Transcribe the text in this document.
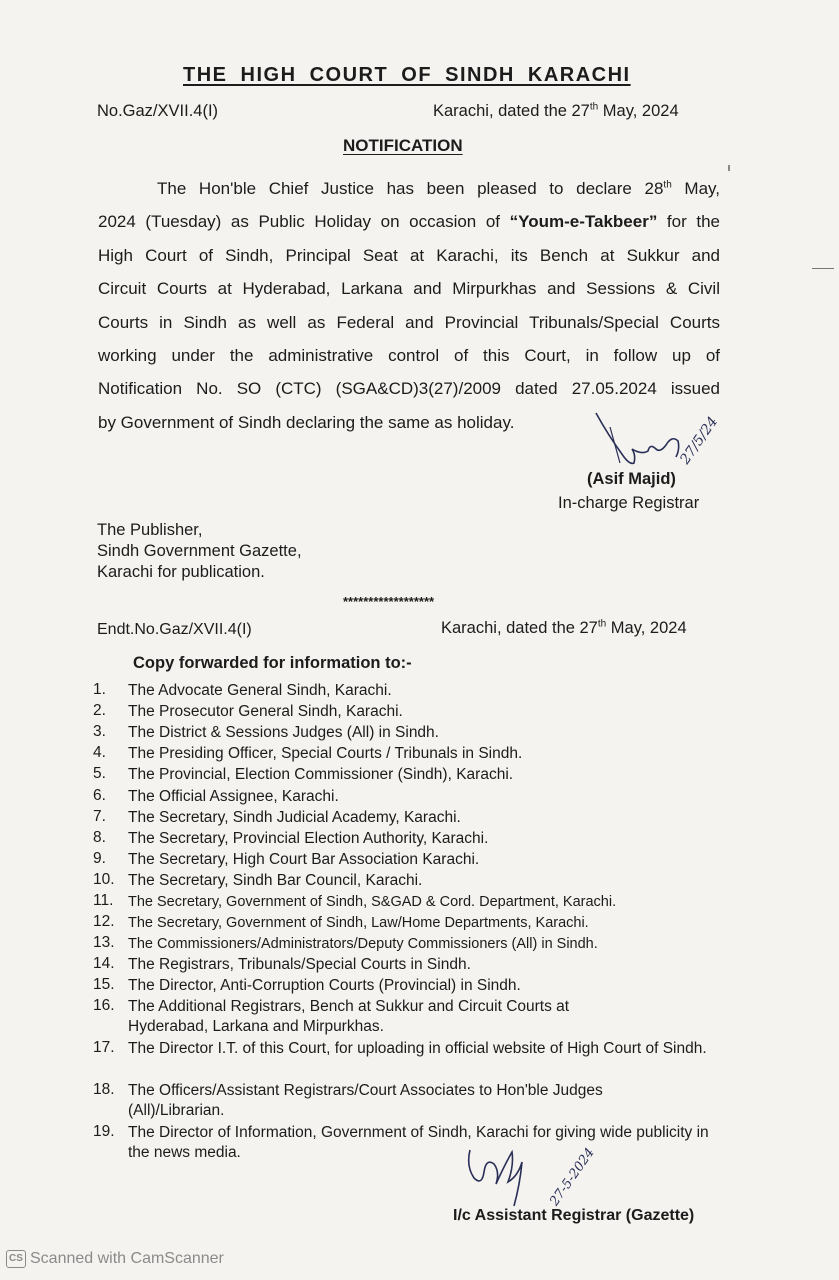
THE HIGH COURT OF SINDH KARACHI
No.Gaz/XVII.4(I)	Karachi, dated the 27th May, 2024
NOTIFICATION
The Hon'ble Chief Justice has been pleased to declare 28th May,
2024 (Tuesday) as Public Holiday on occasion of “Youm-e-Takbeer” for the
High Court of Sindh, Principal Seat at Karachi, its Bench at Sukkur and
Circuit Courts at Hyderabad, Larkana and Mirpurkhas and Sessions & Civil
Courts in Sindh as well as Federal and Provincial Tribunals/Special Courts
working under the administrative control of this Court, in follow up of
Notification No. SO (CTC) (SGA&CD)3(27)/2009 dated 27.05.2024 issued
by Government of Sindh declaring the same as holiday.	27/5/24
(Asif Majid)
In-charge Registrar
The Publisher,
Sindh Government Gazette,
Karachi for publication.
******************
Endt.No.Gaz/XVII.4(I)	Karachi, dated the 27th May, 2024
Copy forwarded for information to:-
1.	The Advocate General Sindh, Karachi.
2.	The Prosecutor General Sindh, Karachi.
3.	The District & Sessions Judges (All) in Sindh.
4.	The Presiding Officer, Special Courts / Tribunals in Sindh.
5.	The Provincial, Election Commissioner (Sindh), Karachi.
6.	The Official Assignee, Karachi.
7.	The Secretary, Sindh Judicial Academy, Karachi.
8.	The Secretary, Provincial Election Authority, Karachi.
9.	The Secretary, High Court Bar Association Karachi.
10. The Secretary, Sindh Bar Council, Karachi.
11.	The Secretary, Government of Sindh, S&GAD & Cord. Department, Karachi.
12. The Secretary, Government of Sindh, Law/Home Departments, Karachi.
13. The Commissioners/Administrators/Deputy Commissioners (All) in Sindh.
14. The Registrars, Tribunals/Special Courts in Sindh.
15. The Director, Anti-Corruption Courts (Provincial) in Sindh.
16. The Additional Registrars, Bench at Sukkur and Circuit Courts at Hyderabad, Larkana and Mirpurkhas.
17. The Director I.T. of this Court, for uploading in official website of High Court of Sindh.
18. The Officers/Assistant Registrars/Court Associates to Hon'ble Judges (All)/Librarian.
19. The Director of Information, Government of Sindh, Karachi for giving wide publicity in the news media.	27-5-2024
I/c Assistant Registrar (Gazette)
CS Scanned with CamScanner
